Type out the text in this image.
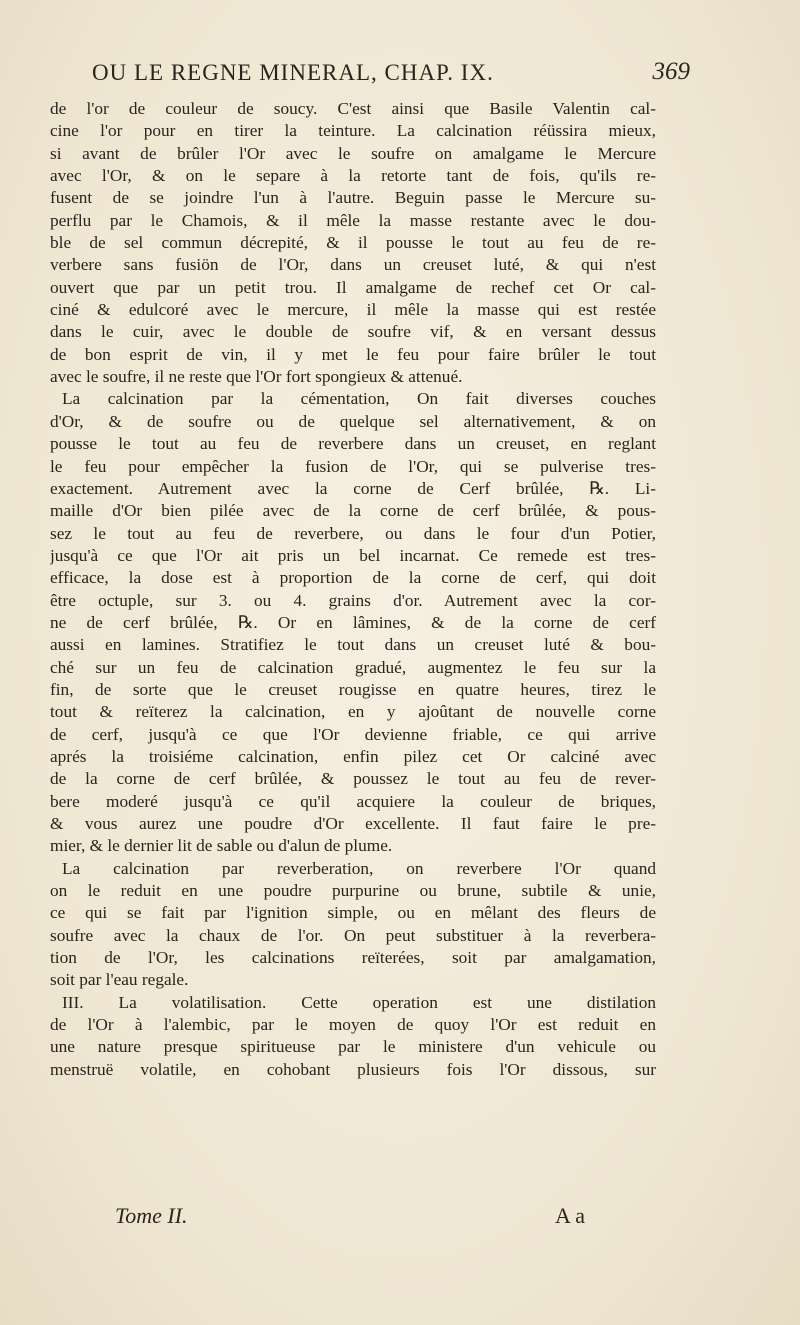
OU LE REGNE MINERAL, CHAP. IX.	369
de l'or de couleur de soucy. C'est ainsi que Basile Valentin cal-
cine l'or pour en tirer la teinture. La calcination réüssira mieux,
si avant de brûler l'Or avec le soufre on amalgame le Mercure
avec l'Or, & on le separe à la retorte tant de fois, qu'ils re-
fusent de se joindre l'un à l'autre. Beguin passe le Mercure su-
perflu par le Chamois, & il mêle la masse restante avec le dou-
ble de sel commun décrepité, & il pousse le tout au feu de re-
verbere sans fusiön de l'Or, dans un creuset luté, & qui n'est
ouvert que par un petit trou. Il amalgame de rechef cet Or cal-
ciné & edulcoré avec le mercure, il mêle la masse qui est restée
dans le cuir, avec le double de soufre vif, & en versant dessus
de bon esprit de vin, il y met le feu pour faire brûler le tout
avec le soufre, il ne reste que l'Or fort spongieux & attenué.
La calcination par la cémentation, On fait diverses couches
d'Or, & de soufre ou de quelque sel alternativement, & on
pousse le tout au feu de reverbere dans un creuset, en reglant
le feu pour empêcher la fusion de l'Or, qui se pulverise tres-
exactement. Autrement avec la corne de Cerf brûlée, ℞. Li-
maille d'Or bien pilée avec de la corne de cerf brûlée, & pous-
sez le tout au feu de reverbere, ou dans le four d'un Potier,
jusqu'à ce que l'Or ait pris un bel incarnat. Ce remede est tres-
efficace, la dose est à proportion de la corne de cerf, qui doit
être octuple, sur 3. ou 4. grains d'or. Autrement avec la cor-
ne de cerf brûlée, ℞. Or en lâmines, & de la corne de cerf
aussi en lamines. Stratifiez le tout dans un creuset luté & bou-
ché sur un feu de calcination gradué, augmentez le feu sur la
fin, de sorte que le creuset rougisse en quatre heures, tirez le
tout & reïterez la calcination, en y ajoûtant de nouvelle corne
de cerf, jusqu'à ce que l'Or devienne friable, ce qui arrive
aprés la troisiéme calcination, enfin pilez cet Or calciné avec
de la corne de cerf brûlée, & poussez le tout au feu de rever-
bere moderé jusqu'à ce qu'il acquiere la couleur de briques,
& vous aurez une poudre d'Or excellente. Il faut faire le pre-
mier, & le dernier lit de sable ou d'alun de plume.
La calcination par reverberation, on reverbere l'Or quand
on le reduit en une poudre purpurine ou brune, subtile & unie,
ce qui se fait par l'ignition simple, ou en mêlant des fleurs de
soufre avec la chaux de l'or. On peut substituer à la reverbera-
tion de l'Or, les calcinations reïterées, soit par amalgamation,
soit par l'eau regale.
III. La volatilisation. Cette operation est une distilation
de l'Or à l'alembic, par le moyen de quoy l'Or est reduit en
une nature presque spiritueuse par le ministere d'un vehicule ou
menstruë volatile, en cohobant plusieurs fois l'Or dissous, sur
Tome II.	A a
